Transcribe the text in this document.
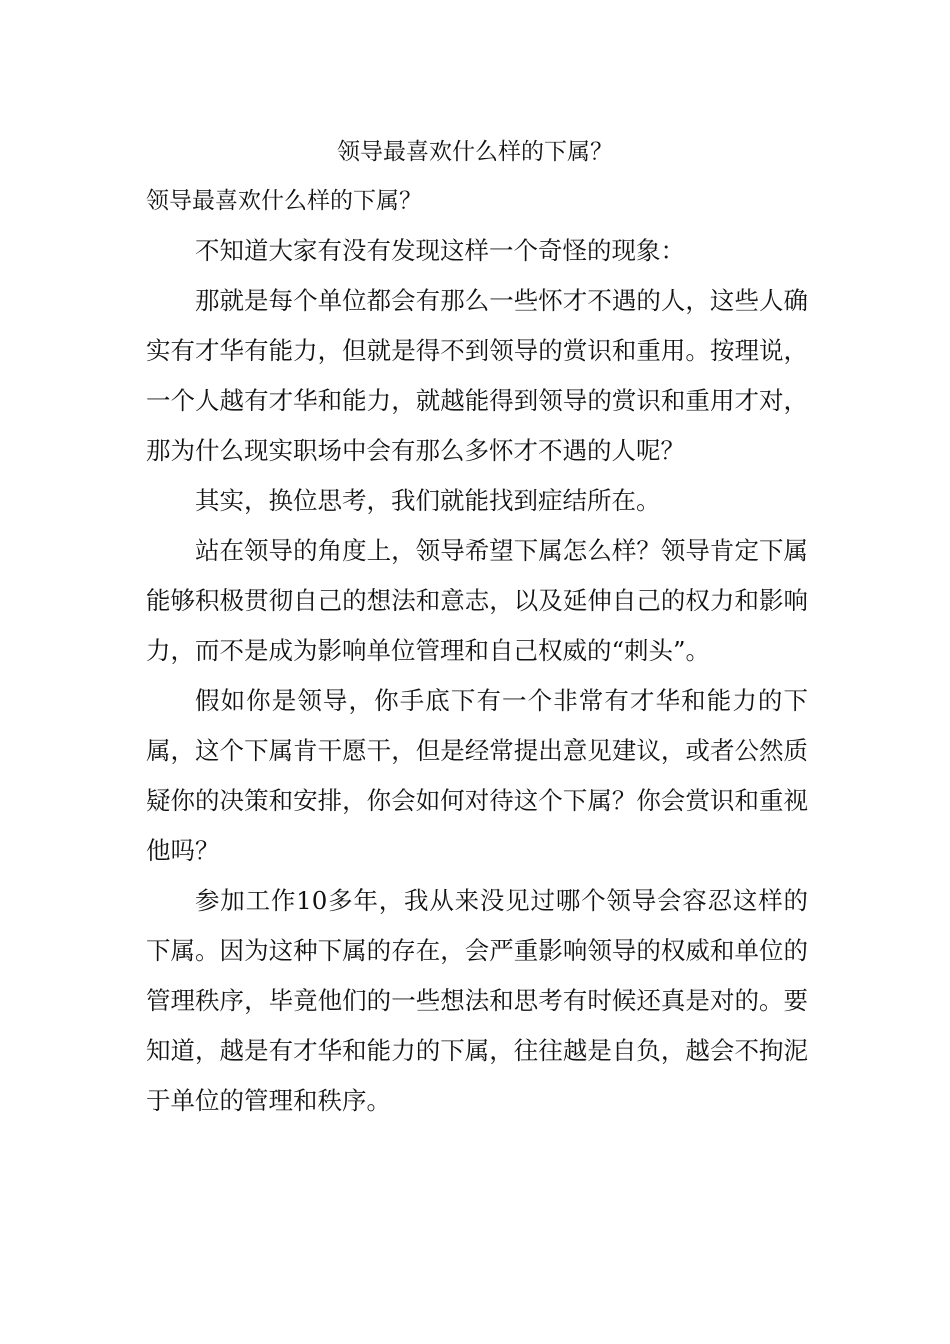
领导最喜欢什么样的下属？

领导最喜欢什么样的下属？

不知道大家有没有发现这样一个奇怪的现象：

那就是每个单位都会有那么一些怀才不遇的人，这些人确实有才华有能力，但就是得不到领导的赏识和重用。按理说，一个人越有才华和能力，就越能得到领导的赏识和重用才对，那为什么现实职场中会有那么多怀才不遇的人呢？

其实，换位思考，我们就能找到症结所在。

站在领导的角度上，领导希望下属怎么样？领导肯定下属能够积极贯彻自己的想法和意志，以及延伸自己的权力和影响力，而不是成为影响单位管理和自己权威的“刺头”。

假如你是领导，你手底下有一个非常有才华和能力的下属，这个下属肯干愿干，但是经常提出意见建议，或者公然质疑你的决策和安排，你会如何对待这个下属？你会赏识和重视他吗？

参加工作10多年，我从来没见过哪个领导会容忍这样的下属。因为这种下属的存在，会严重影响领导的权威和单位的管理秩序，毕竟他们的一些想法和思考有时候还真是对的。要知道，越是有才华和能力的下属，往往越是自负，越会不拘泥于单位的管理和秩序。
